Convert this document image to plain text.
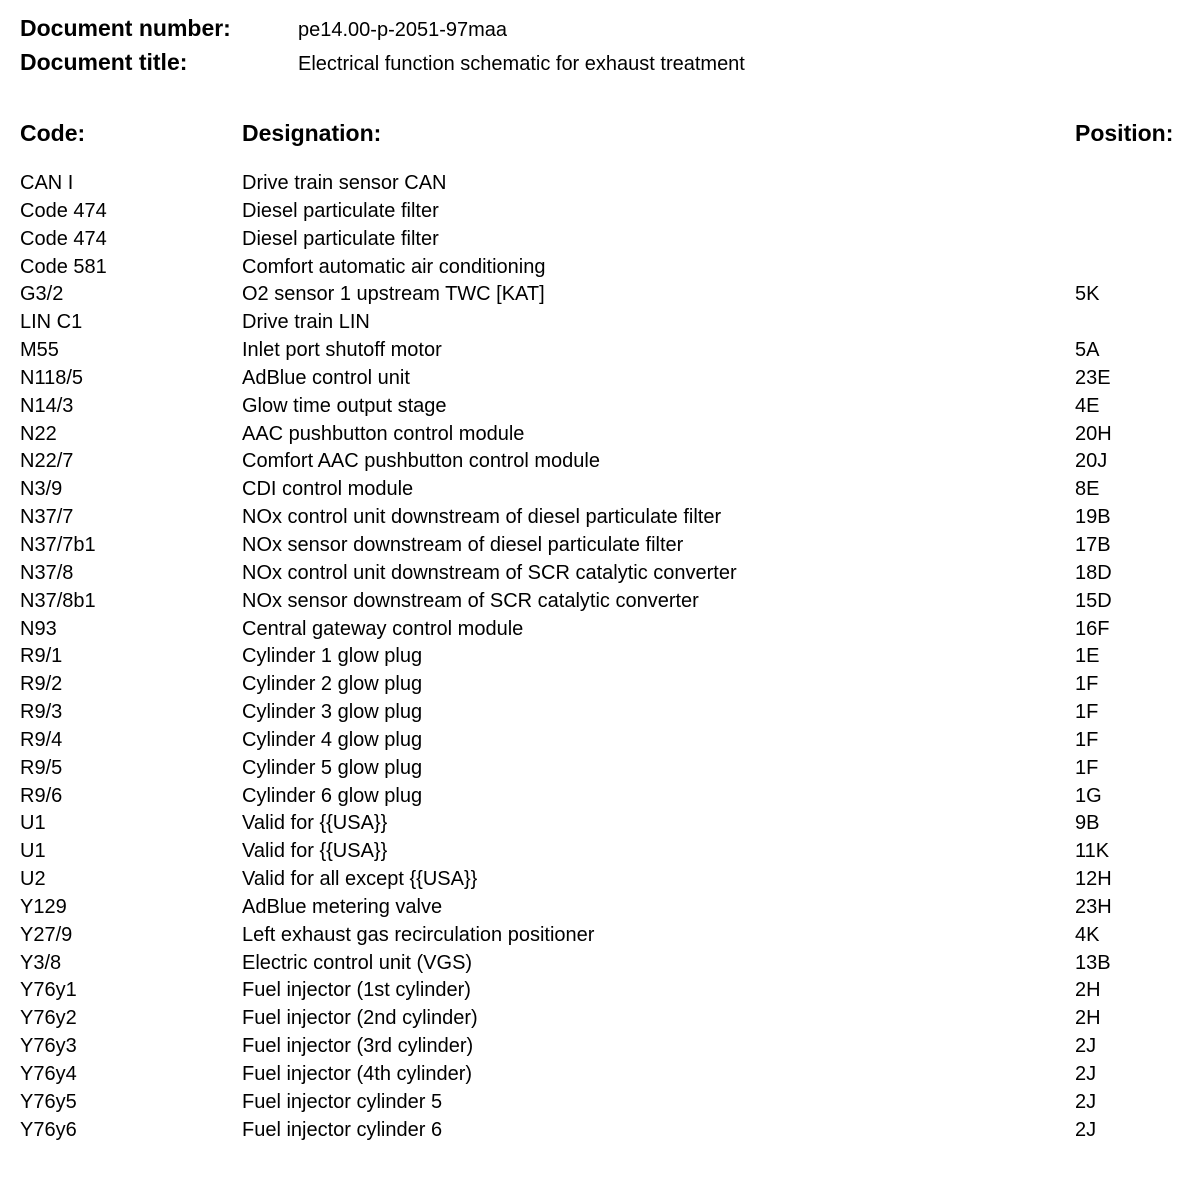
Document number:	pe14.00-p-2051-97maa
Document title:	Electrical function schematic for exhaust treatment
Code:	Designation:	Position:
CAN I	Drive train sensor CAN
Code 474	Diesel particulate filter
Code 474	Diesel particulate filter
Code 581	Comfort automatic air conditioning
G3/2	O2 sensor 1 upstream TWC [KAT]	5K
LIN C1	Drive train LIN
M55	Inlet port shutoff motor	5A
N118/5	AdBlue control unit	23E
N14/3	Glow time output stage	4E
N22	AAC pushbutton control module	20H
N22/7	Comfort AAC pushbutton control module	20J
N3/9	CDI control module	8E
N37/7	NOx control unit downstream of diesel particulate filter	19B
N37/7b1	NOx sensor downstream of diesel particulate filter	17B
N37/8	NOx control unit downstream of SCR catalytic converter	18D
N37/8b1	NOx sensor downstream of SCR catalytic converter	15D
N93	Central gateway control module	16F
R9/1	Cylinder 1 glow plug	1E
R9/2	Cylinder 2 glow plug	1F
R9/3	Cylinder 3 glow plug	1F
R9/4	Cylinder 4 glow plug	1F
R9/5	Cylinder 5 glow plug	1F
R9/6	Cylinder 6 glow plug	1G
U1	Valid for {{USA}}	9B
U1	Valid for {{USA}}	11K
U2	Valid for all except {{USA}}	12H
Y129	AdBlue metering valve	23H
Y27/9	Left exhaust gas recirculation positioner	4K
Y3/8	Electric control unit (VGS)	13B
Y76y1	Fuel injector (1st cylinder)	2H
Y76y2	Fuel injector (2nd cylinder)	2H
Y76y3	Fuel injector (3rd cylinder)	2J
Y76y4	Fuel injector (4th cylinder)	2J
Y76y5	Fuel injector cylinder 5	2J
Y76y6	Fuel injector cylinder 6	2J
